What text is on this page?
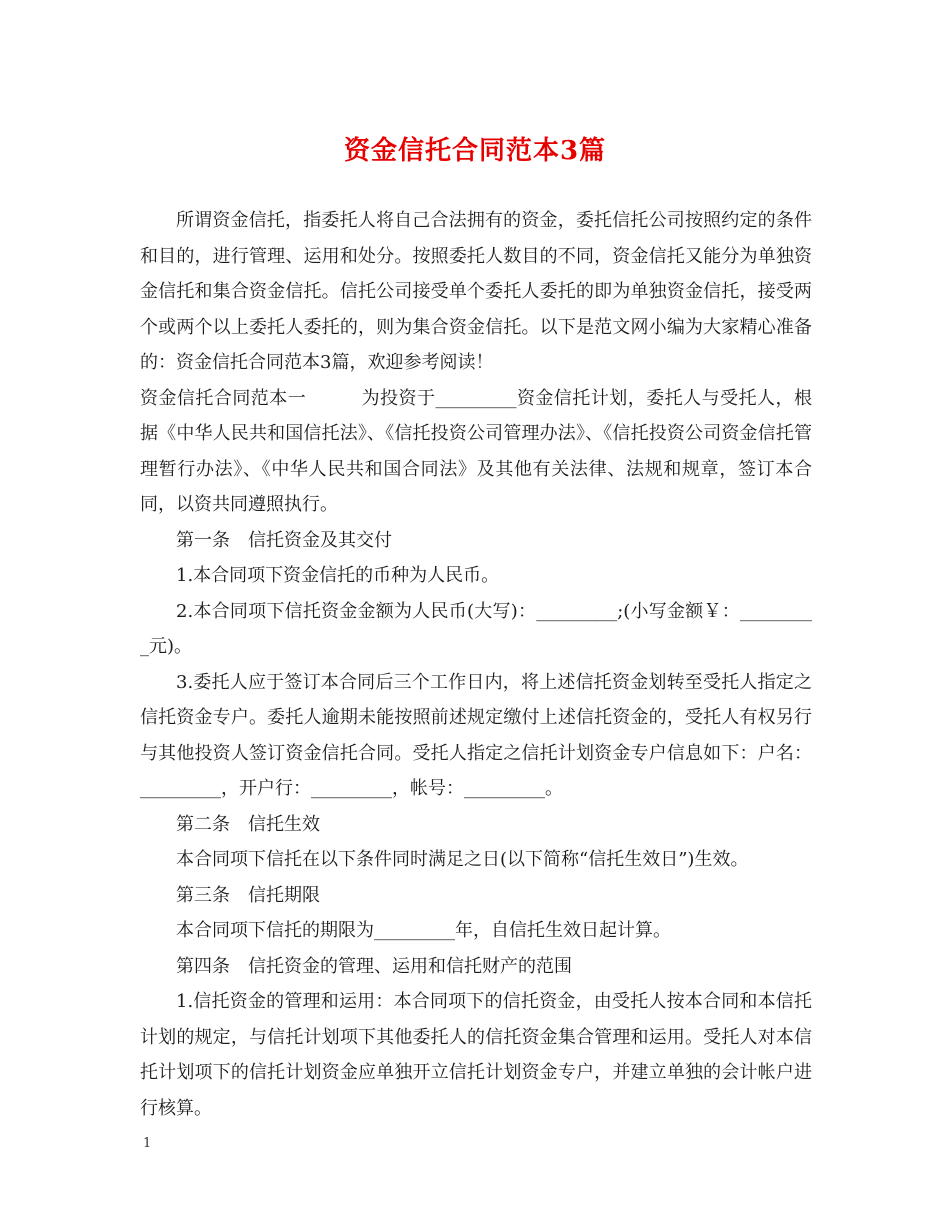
资金信托合同范本3篇

所谓资金信托，指委托人将自己合法拥有的资金，委托信托公司按照约定的条件和目的，进行管理、运用和处分。按照委托人数目的不同，资金信托又能分为单独资金信托和集合资金信托。信托公司接受单个委托人委托的即为单独资金信托，接受两个或两个以上委托人委托的，则为集合资金信托。以下是范文网小编为大家精心准备的：资金信托合同范本3篇，欢迎参考阅读！

资金信托合同范本一　　　为投资于_________资金信托计划，委托人与受托人，根据《中华人民共和国信托法》、《信托投资公司管理办法》、《信托投资公司资金信托管理暂行办法》、《中华人民共和国合同法》及其他有关法律、法规和规章，签订本合同，以资共同遵照执行。

第一条　信托资金及其交付

1.本合同项下资金信托的币种为人民币。

2.本合同项下信托资金金额为人民币(大写)：_________;(小写金额￥：_________元)。

3.委托人应于签订本合同后三个工作日内，将上述信托资金划转至受托人指定之信托资金专户。委托人逾期未能按照前述规定缴付上述信托资金的，受托人有权另行与其他投资人签订资金信托合同。受托人指定之信托计划资金专户信息如下：户名：_________，开户行：_________，帐号：_________。

第二条　信托生效

本合同项下信托在以下条件同时满足之日(以下简称“信托生效日”)生效。

第三条　信托期限

本合同项下信托的期限为_________年，自信托生效日起计算。

第四条　信托资金的管理、运用和信托财产的范围

1.信托资金的管理和运用：本合同项下的信托资金，由受托人按本合同和本信托计划的规定，与信托计划项下其他委托人的信托资金集合管理和运用。受托人对本信托计划项下的信托计划资金应单独开立信托计划资金专户，并建立单独的会计帐户进行核算。

1
